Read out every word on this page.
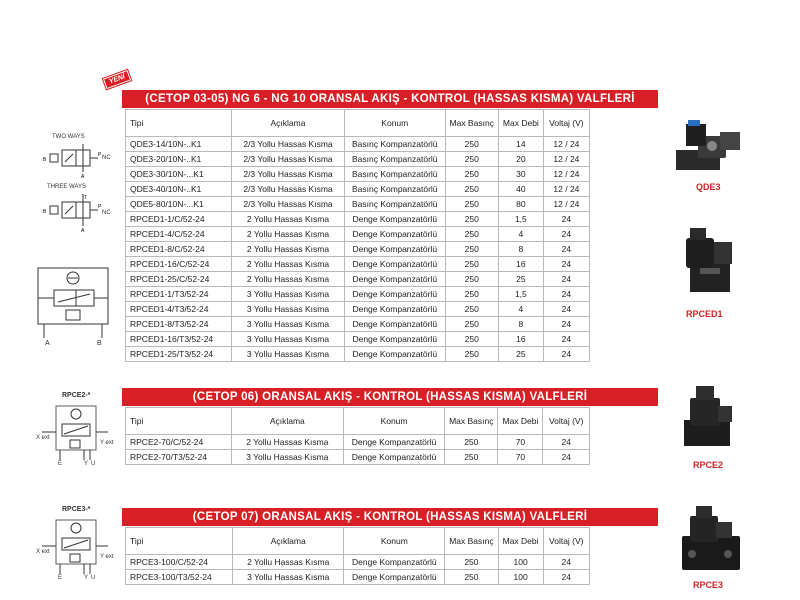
YENİ
(CETOP 03-05) NG 6 - NG 10 ORANSAL AKIŞ - KONTROL (HASSAS KISMA) VALFLERİ
Tipi	Açıklama	Konum	Max Basınç	Max Debi	Voltaj (V)
QDE3-14/10N-..K1	2/3 Yollu Hassas Kısma	Basınç Kompanzatörlü	250	14	12 / 24
QDE3-20/10N-..K1	2/3 Yollu Hassas Kısma	Basınç Kompanzatörlü	250	20	12 / 24
QDE3-30/10N-...K1	2/3 Yollu Hassas Kısma	Basınç Kompanzatörlü	250	30	12 / 24
QDE3-40/10N-..K1	2/3 Yollu Hassas Kısma	Basınç Kompanzatörlü	250	40	12 / 24
QDE5-80/10N-...K1	2/3 Yollu Hassas Kısma	Basınç Kompanzatörlü	250	80	12 / 24
RPCED1-1/C/52-24	2 Yollu Hassas Kısma	Denge Kompanzatörlü	250	1,5	24
RPCED1-4/C/52-24	2 Yollu Hassas Kısma	Denge Kompanzatörlü	250	4	24
RPCED1-8/C/52-24	2 Yollu Hassas Kısma	Denge Kompanzatörlü	250	8	24
RPCED1-16/C/52-24	2 Yollu Hassas Kısma	Denge Kompanzatörlü	250	16	24
RPCED1-25/C/52-24	2 Yollu Hassas Kısma	Denge Kompanzatörlü	250	25	24
RPCED1-1/T3/52-24	3 Yollu Hassas Kısma	Denge Kompanzatörlü	250	1,5	24
RPCED1-4/T3/52-24	3 Yollu Hassas Kısma	Denge Kompanzatörlü	250	4	24
RPCED1-8/T3/52-24	3 Yollu Hassas Kısma	Denge Kompanzatörlü	250	8	24
RPCED1-16/T3/52-24	3 Yollu Hassas Kısma	Denge Kompanzatörlü	250	16	24
RPCED1-25/T3/52-24	3 Yollu Hassas Kısma	Denge Kompanzatörlü	250	25	24
TWO WAYS
B
P
A
NC
THREE WAYS
B
T
P
A
NC
A	B
QDE3
RPCED1
(CETOP 06) ORANSAL AKIŞ - KONTROL (HASSAS KISMA) VALFLERİ
Tipi	Açıklama	Konum	Max Basınç	Max Debi	Voltaj (V)
RPCE2-70/C/52-24	2 Yollu Hassas Kısma	Denge Kompanzatörlü	250	70	24
RPCE2-70/T3/52-24	3 Yollu Hassas Kısma	Denge Kompanzatörlü	250	70	24
RPCE2-*
X ext
Y ext
E	Y U	RPCE2
(CETOP 07) ORANSAL AKIŞ - KONTROL (HASSAS KISMA) VALFLERİ
Tipi	Açıklama	Konum	Max Basınç	Max Debi	Voltaj (V)
RPCE3-100/C/52-24	2 Yollu Hassas Kısma	Denge Kompanzatörlü	250	100	24
RPCE3-100/T3/52-24	3 Yollu Hassas Kısma	Denge Kompanzatörlü	250	100	24
RPCE3-*
X ext
Y ext
E	Y U
RPCE3
